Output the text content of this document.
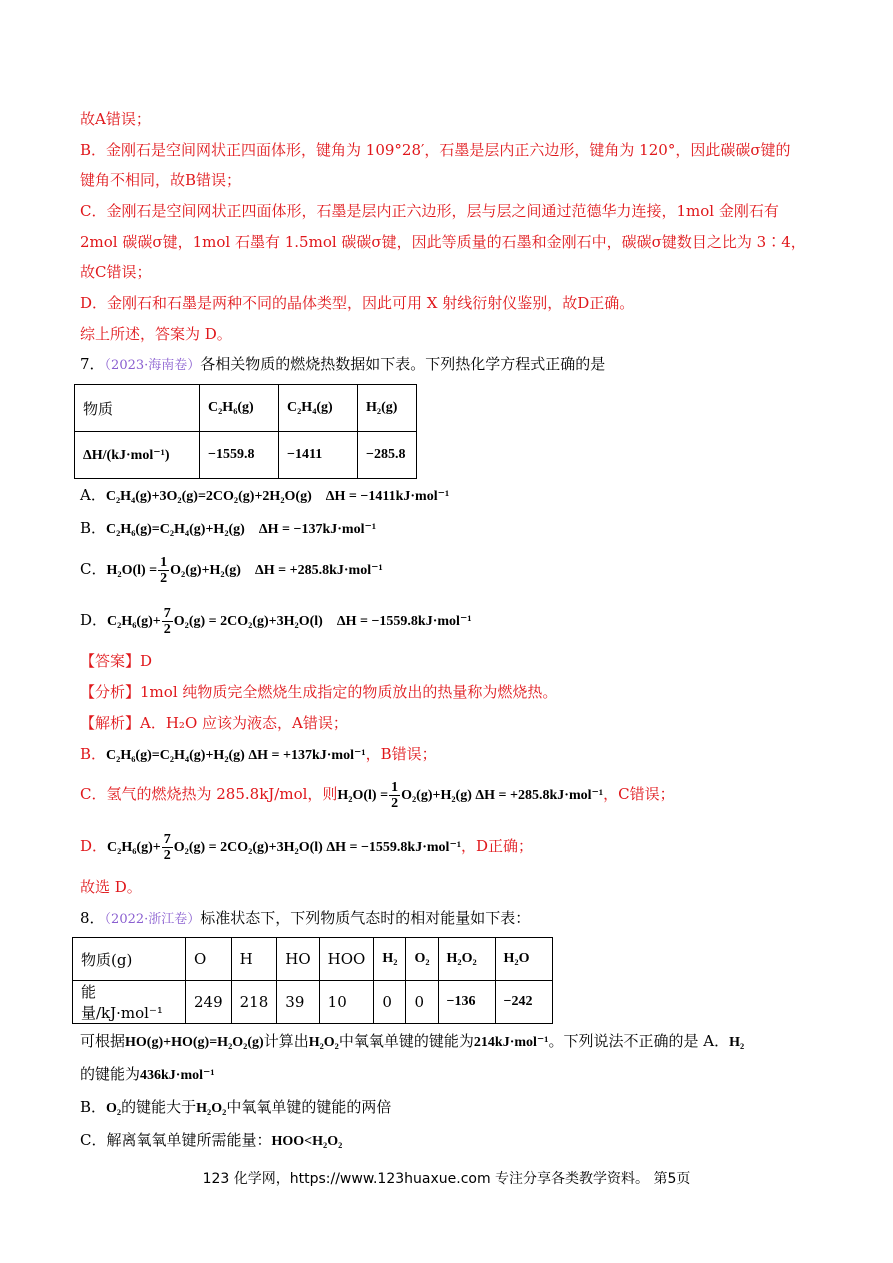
故A错误；
B．金刚石是空间网状正四面体形，键角为 109°28′，石墨是层内正六边形，键角为 120°，因此碳碳σ键的
键角不相同，故B错误；
C．金刚石是空间网状正四面体形，石墨是层内正六边形，层与层之间通过范德华力连接，1mol 金刚石有
2mol 碳碳σ键，1mol 石墨有 1.5mol 碳碳σ键，因此等质量的石墨和金刚石中，碳碳σ键数目之比为 3∶4，
故C错误；
D．金刚石和石墨是两种不同的晶体类型，因此可用 X 射线衍射仪鉴别，故D正确。
综上所述，答案为 D。
7．（2023·海南卷）各相关物质的燃烧热数据如下表。下列热化学方程式正确的是
物质	C₂H₆(g)	C₂H₄(g)	H₂(g)
ΔH/(kJ·mol⁻¹)	−1559.8	−1411	−285.8
A．C₂H₄(g)+3O₂(g)=2CO₂(g)+2H₂O(g) ΔH = −1411kJ·mol⁻¹
B．C₂H₆(g)=C₂H₄(g)+H₂(g) ΔH = −137kJ·mol⁻¹
C．$H_2O(l) = \frac{1}{2} O_2(g)+H_2(g) \Delta H = +285.8kJ\cdot mol^{-1}$
D．$C_2H_6(g)+ \frac{7}{2} O_2(g) = 2CO_2(g)+3H_2O(l) \Delta H = -1559.8kJ\cdot mol^{-1}$
【答案】D
【分析】1mol 纯物质完全燃烧生成指定的物质放出的热量称为燃烧热。
【解析】A．H₂O 应该为液态，A错误；
B．C₂H₆(g)=C₂H₄(g)+H₂(g) ΔH = +137kJ·mol⁻¹，B错误；
C．氢气的燃烧热为 285.8kJ/mol，则$H_2O(l) = \frac{1}{2} O_2(g)+H_2(g) \Delta H = +285.8kJ\cdot mol^{-1}$，C错误；
D．$C_2H_6(g)+ \frac{7}{2} O_2(g) = 2CO_2(g)+3H_2O(l) \Delta H = -1559.8kJ\cdot mol^{-1}$，D正确；
故选 D。
8．（2022·浙江卷）标准状态下，下列物质气态时的相对能量如下表：
物质(g)	O	H	HO	HOO	H₂	O₂	H₂O₂	H₂O
能量/kJ·mol⁻¹	249	218	39	10	0	0	−136	−242
可根据HO(g)+HO(g)=H₂O₂(g)计算出H₂O₂中氧氧单键的键能为214kJ·mol⁻¹。下列说法不正确的是 A．H₂
的键能为436kJ·mol⁻¹
B．O₂的键能大于H₂O₂中氧氧单键的键能的两倍
C．解离氧氧单键所需能量：HOO<H₂O₂
123 化学网，https://www.123huaxue.com 专注分享各类教学资料。 第5页
